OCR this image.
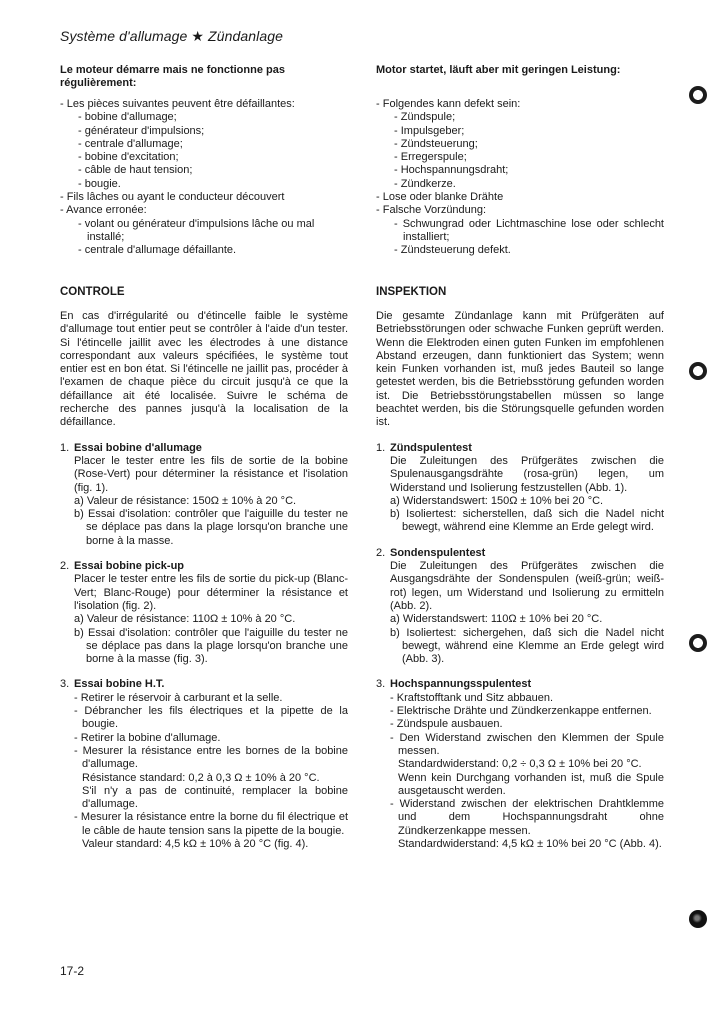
Système d'allumage ★ Zündanlage
Le moteur démarre mais ne fonctionne pas régulièrement:
- Les pièces suivantes peuvent être défaillantes:
- bobine d'allumage;
- générateur d'impulsions;
- centrale d'allumage;
- bobine d'excitation;
- câble de haut tension;
- bougie.
- Fils lâches ou ayant le conducteur découvert
- Avance erronée:
- volant ou générateur d'impulsions lâche ou mal installé;
- centrale d'allumage défaillante.
CONTROLE

En cas d'irrégularité ou d'étincelle faible le système d'allumage tout entier peut se contrôler à l'aide d'un tester. Si l'étincelle jaillit avec les électrodes à une distance correspondant aux valeurs spécifiées, le système tout entier est en bon état. Si l'étincelle ne jaillit pas, procéder à l'examen de chaque pièce du circuit jusqu'à ce que la défaillance ait été localisée. Suivre le schéma de recherche des pannes jusqu'à la localisation de la défaillance.

1. Essai bobine d'allumage
Placer le tester entre les fils de sortie de la bobine (Rose-Vert) pour déterminer la résistance et l'isolation (fig. 1).
a) Valeur de résistance: 150Ω ± 10% à 20 °C.
b) Essai d'isolation: contrôler que l'aiguille du tester ne se déplace pas dans la plage lorsqu'on branche une borne à la masse.
2. Essai bobine pick-up
Placer le tester entre les fils de sortie du pick-up (Blanc-Vert; Blanc-Rouge) pour déterminer la résistance et l'isolation (fig. 2).
a) Valeur de résistance: 110Ω ± 10% à 20 °C.
b) Essai d'isolation: contrôler que l'aiguille du tester ne se déplace pas dans la plage lorsqu'on branche une borne à la masse (fig. 3).
3. Essai bobine H.T.
- Retirer le réservoir à carburant et la selle.
- Débrancher les fils électriques et la pipette de la bougie.
- Retirer la bobine d'allumage.
- Mesurer la résistance entre les bornes de la bobine d'allumage.
Résistance standard: 0,2 à 0,3 Ω ± 10% à 20 °C.
S'il n'y a pas de continuité, remplacer la bobine d'allumage.
- Mesurer la résistance entre la borne du fil électrique et le câble de haute tension sans la pipette de la bougie.
Valeur standard: 4,5 kΩ ± 10% à 20 °C (fig. 4).
Motor startet, läuft aber mit geringen Leistung:
- Folgendes kann defekt sein:
- Zündspule;
- Impulsgeber;
- Zündsteuerung;
- Erregerspule;
- Hochspannungsdraht;
- Zündkerze.
- Lose oder blanke Drähte
- Falsche Vorzündung:
- Schwungrad oder Lichtmaschine lose oder schlecht installiert;
- Zündsteuerung defekt.
INSPEKTION

Die gesamte Zündanlage kann mit Prüfgeräten auf Betriebsstörungen oder schwache Funken geprüft werden. Wenn die Elektroden einen guten Funken im empfohlenen Abstand erzeugen, dann funktioniert das System; wenn kein Funken vorhanden ist, muß jedes Bauteil so lange getestet werden, bis die Betriebsstörung gefunden worden ist. Die Betriebsstörungstabellen müssen so lange beachtet werden, bis die Störungsquelle gefunden worden ist.

1. Zündspulentest
Die Zuleitungen des Prüfgerätes zwischen die Spulenausgangsdrähte (rosa-grün) legen, um Widerstand und Isolierung festzustellen (Abb. 1).
a) Widerstandswert: 150Ω ± 10% bei 20 °C.
b) Isoliertest: sicherstellen, daß sich die Nadel nicht bewegt, während eine Klemme an Erde gelegt wird.
2. Sondenspulentest
Die Zuleitungen des Prüfgerätes zwischen die Ausgangsdrähte der Sondenspulen (weiß-grün; weiß-rot) legen, um Widerstand und Isolierung zu ermitteln (Abb. 2).
a) Widerstandswert: 110Ω ± 10% bei 20 °C.
b) Isoliertest: sichergehen, daß sich die Nadel nicht bewegt, während eine Klemme an Erde gelegt wird (Abb. 3).
3. Hochspannungsspulentest
- Kraftstofftank und Sitz abbauen.
- Elektrische Drähte und Zündkerzenkappe entfernen.
- Zündspule ausbauen.
- Den Widerstand zwischen den Klemmen der Spule messen.
Standardwiderstand: 0,2 ÷ 0,3 Ω ± 10% bei 20 °C.
Wenn kein Durchgang vorhanden ist, muß die Spule ausgetauscht werden.
- Widerstand zwischen der elektrischen Drahtklemme und dem Hochspannungsdraht ohne Zündkerzenkappe messen.
Standardwiderstand: 4,5 kΩ ± 10% bei 20 °C (Abb. 4).
17-2
